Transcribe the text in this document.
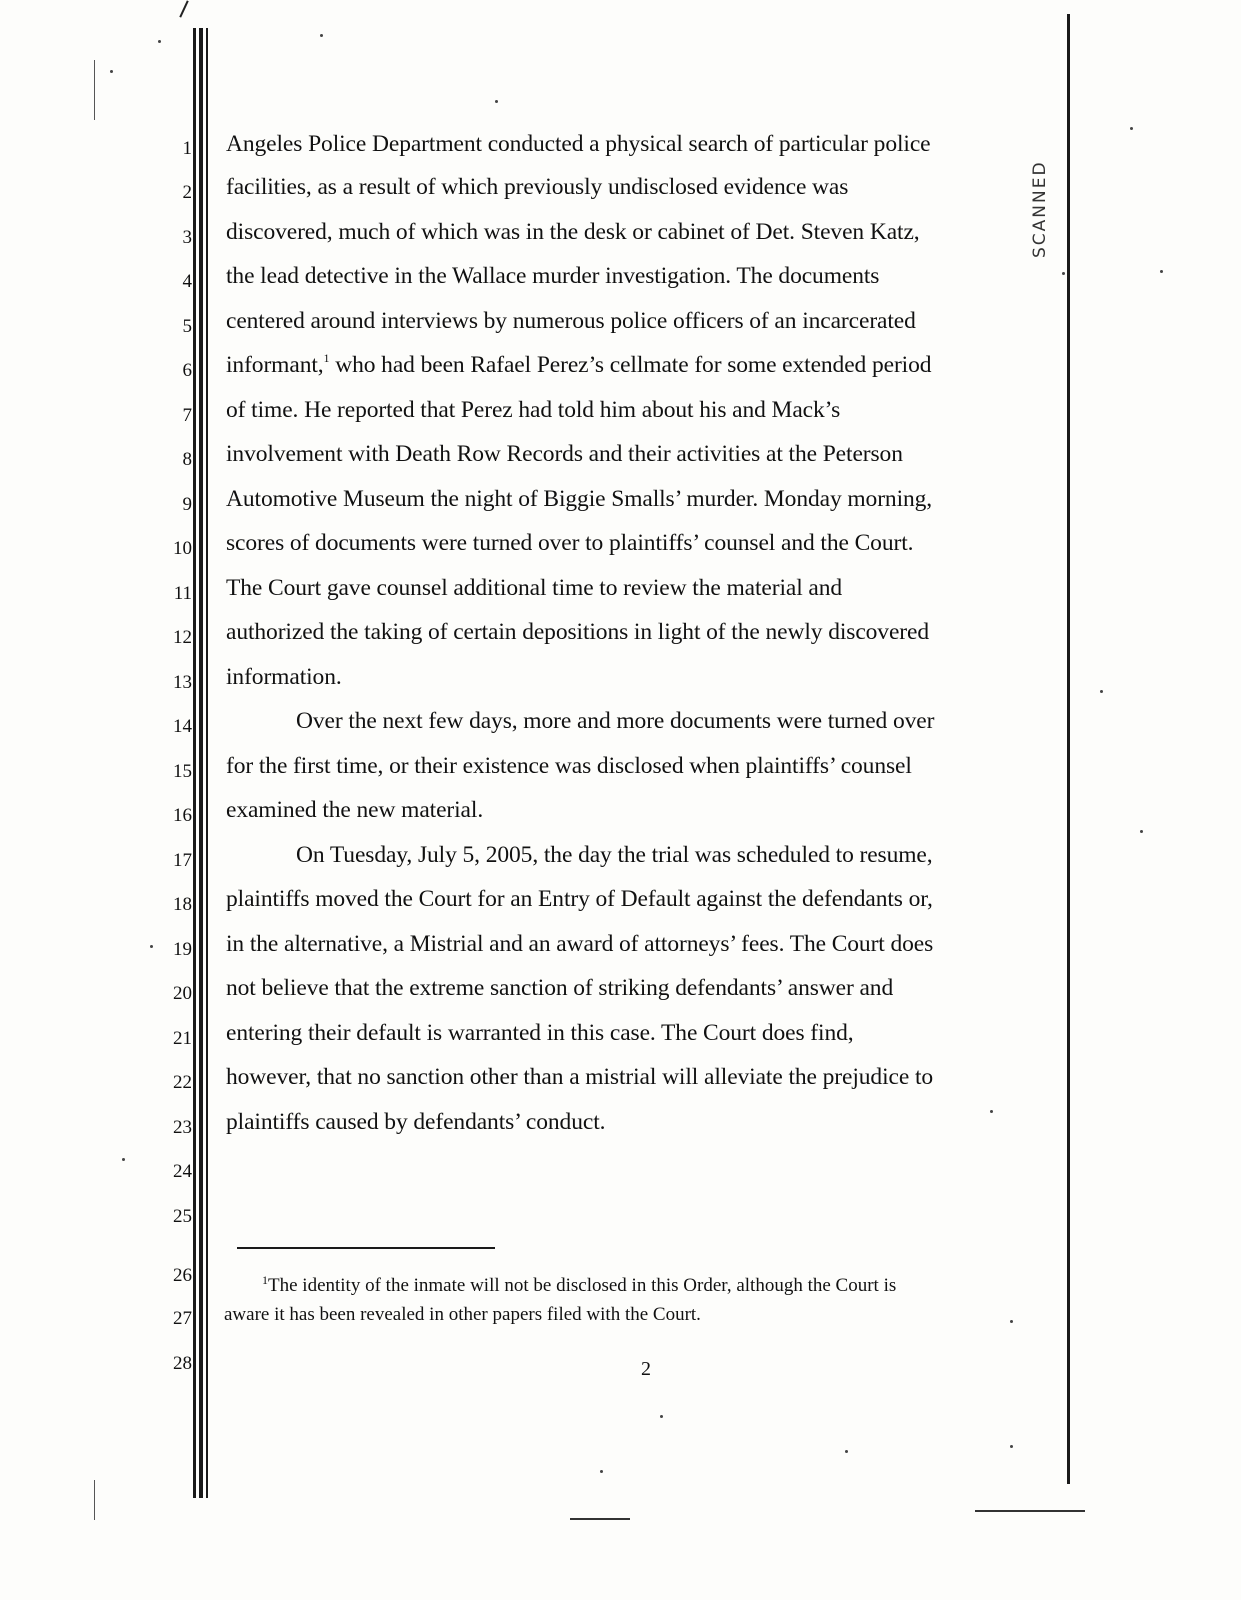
1
2
3
4
5
6
7
8
9
10
11
12
13
14
15
16
17
18
19
20
21
22
23
24
25
26
27
28
Angeles Police Department conducted a physical search of particular police
facilities, as a result of which previously undisclosed evidence was
discovered, much of which was in the desk or cabinet of Det. Steven Katz,
the lead detective in the Wallace murder investigation. The documents
centered around interviews by numerous police officers of an incarcerated
informant,$^1$ who had been Rafael Perez’s cellmate for some extended period
of time. He reported that Perez had told him about his and Mack’s
involvement with Death Row Records and their activities at the Peterson
Automotive Museum the night of Biggie Smalls’ murder. Monday morning,
scores of documents were turned over to plaintiffs’ counsel and the Court.
The Court gave counsel additional time to review the material and
authorized the taking of certain depositions in light of the newly discovered
information.
Over the next few days, more and more documents were turned over
for the first time, or their existence was disclosed when plaintiffs’ counsel
examined the new material.
On Tuesday, July 5, 2005, the day the trial was scheduled to resume,
plaintiffs moved the Court for an Entry of Default against the defendants or,
in the alternative, a Mistrial and an award of attorneys’ fees. The Court does
not believe that the extreme sanction of striking defendants’ answer and
entering their default is warranted in this case. The Court does find,
however, that no sanction other than a mistrial will alleviate the prejudice to
plaintiffs caused by defendants’ conduct.
$^1$The identity of the inmate will not be disclosed in this Order, although the Court is
aware it has been revealed in other papers filed with the Court.
2
SCANNED
